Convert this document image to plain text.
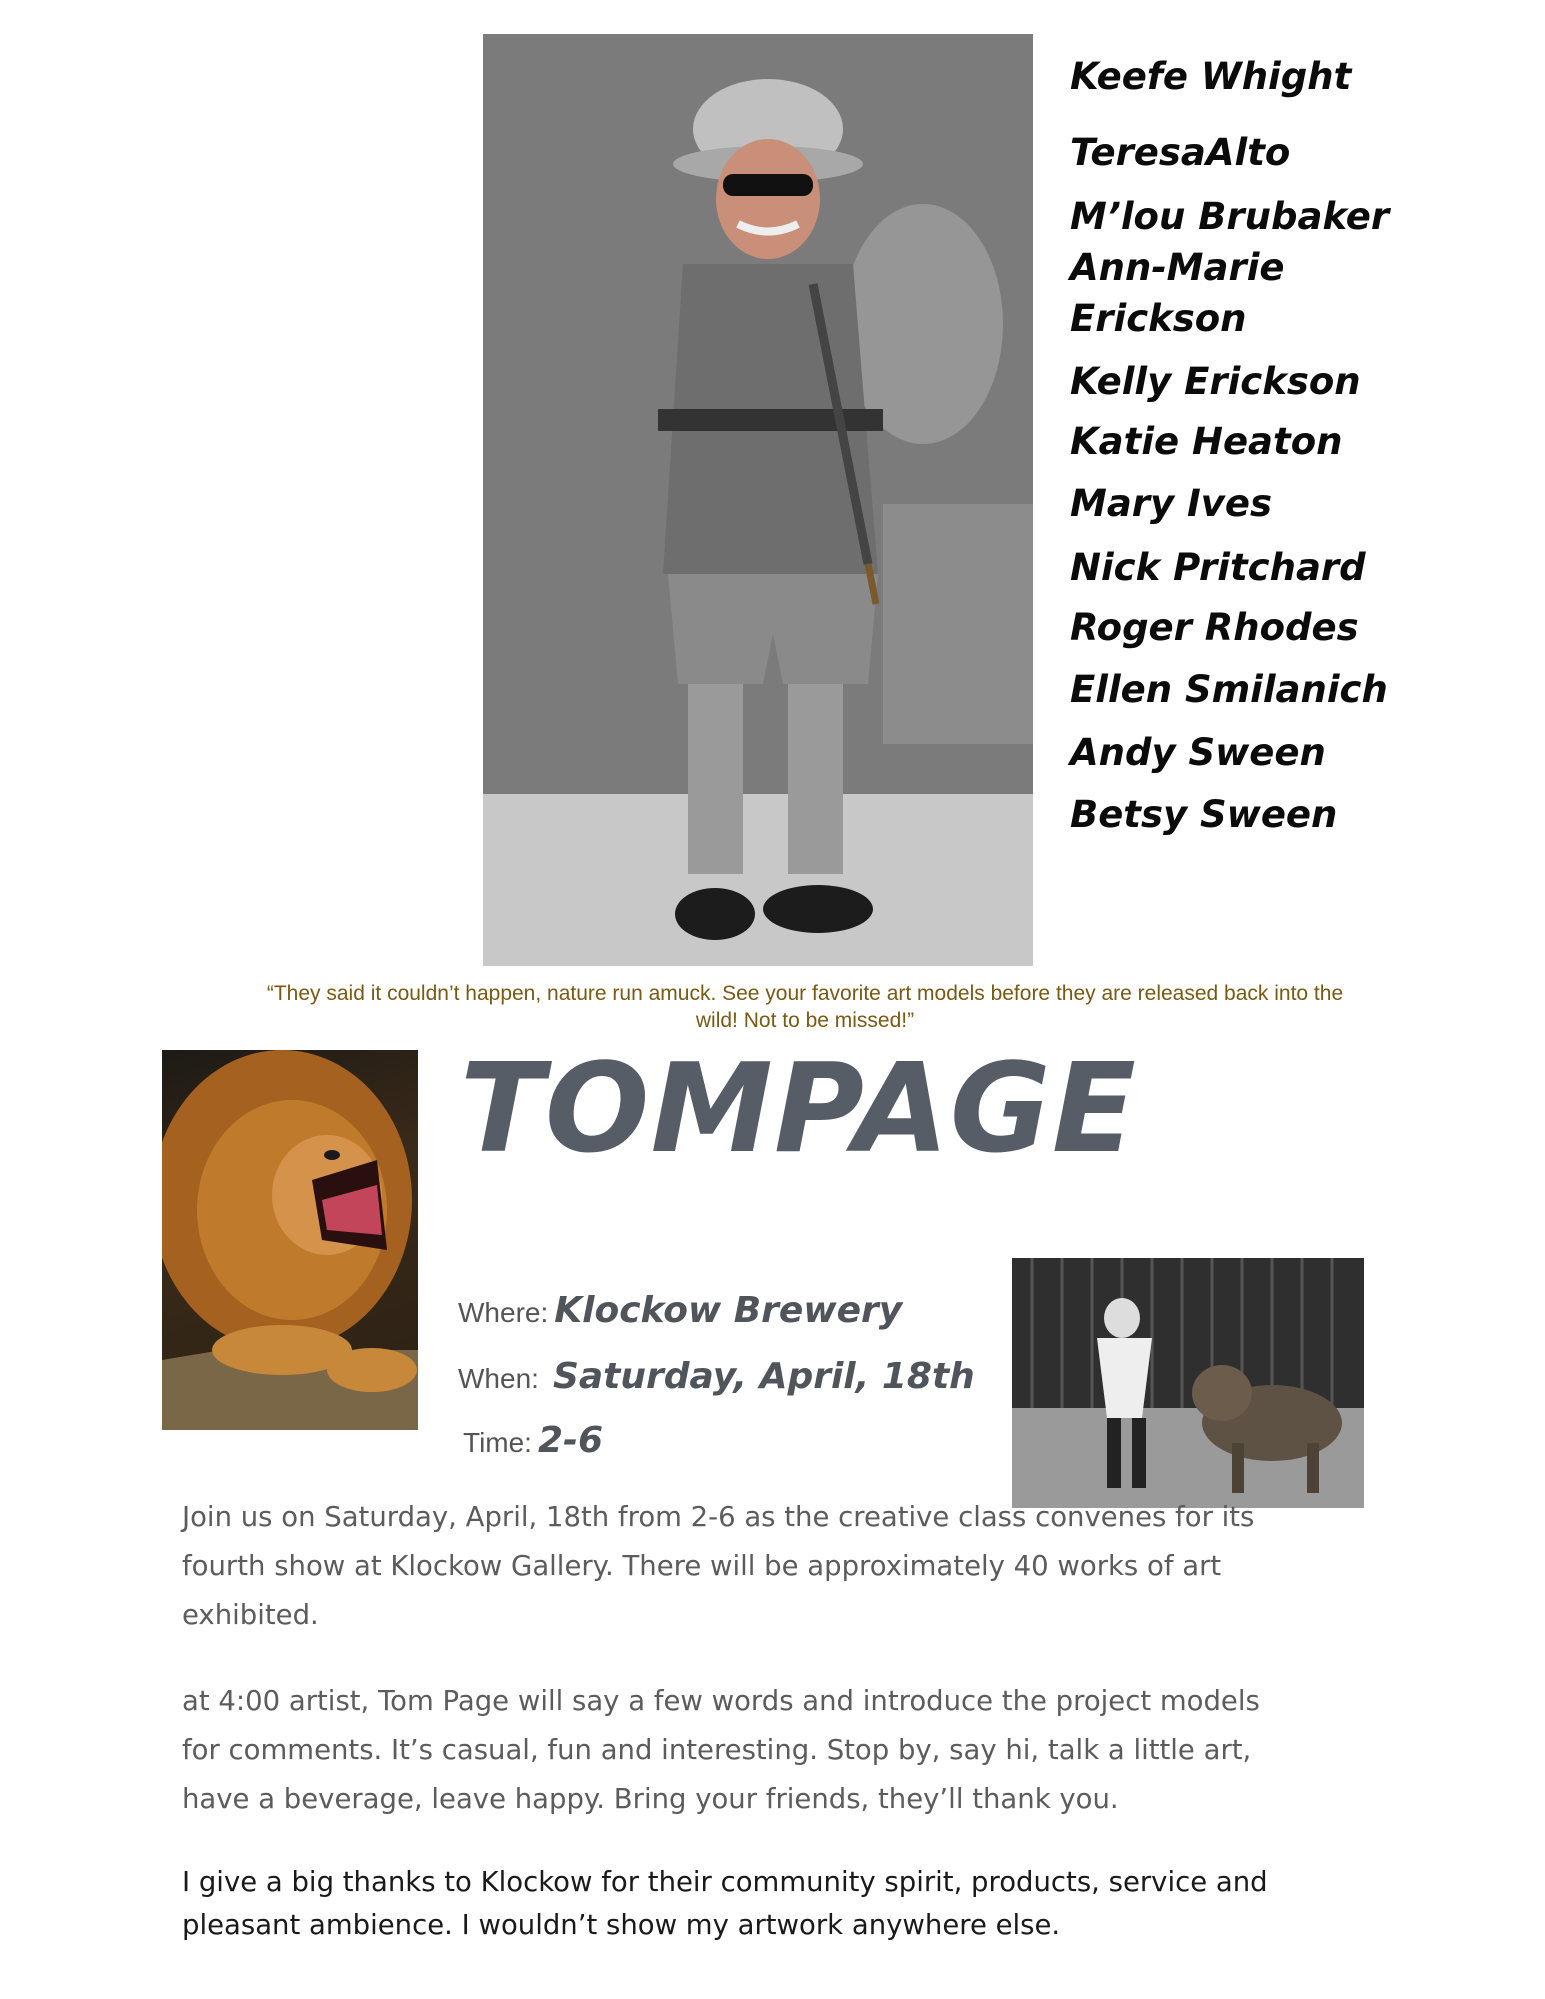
Keefe Whight
TeresaAlto
M’lou Brubaker
Ann-Marie
Erickson
Kelly Erickson
Katie Heaton
Mary Ives
Nick Pritchard
Roger Rhodes
Ellen Smilanich
Andy Sween
Betsy Sween
“They said it couldn’t happen, nature run amuck. See your favorite art models before they are released back into the wild! Not to be missed!”
TOMPAGE
Where: Klockow Brewery
When: Saturday, April, 18th
Time: 2-6
Join us on Saturday, April, 18th from 2-6 as the creative class convenes for its fourth show at Klockow Gallery. There will be approximately 40 works of art exhibited.
at 4:00 artist, Tom Page will say a few words and introduce the project models for comments. It’s casual, fun and interesting. Stop by, say hi, talk a little art, have a beverage, leave happy. Bring your friends, they’ll thank you.
I give a big thanks to Klockow for their community spirit, products, service and pleasant ambience. I wouldn’t show my artwork anywhere else.
